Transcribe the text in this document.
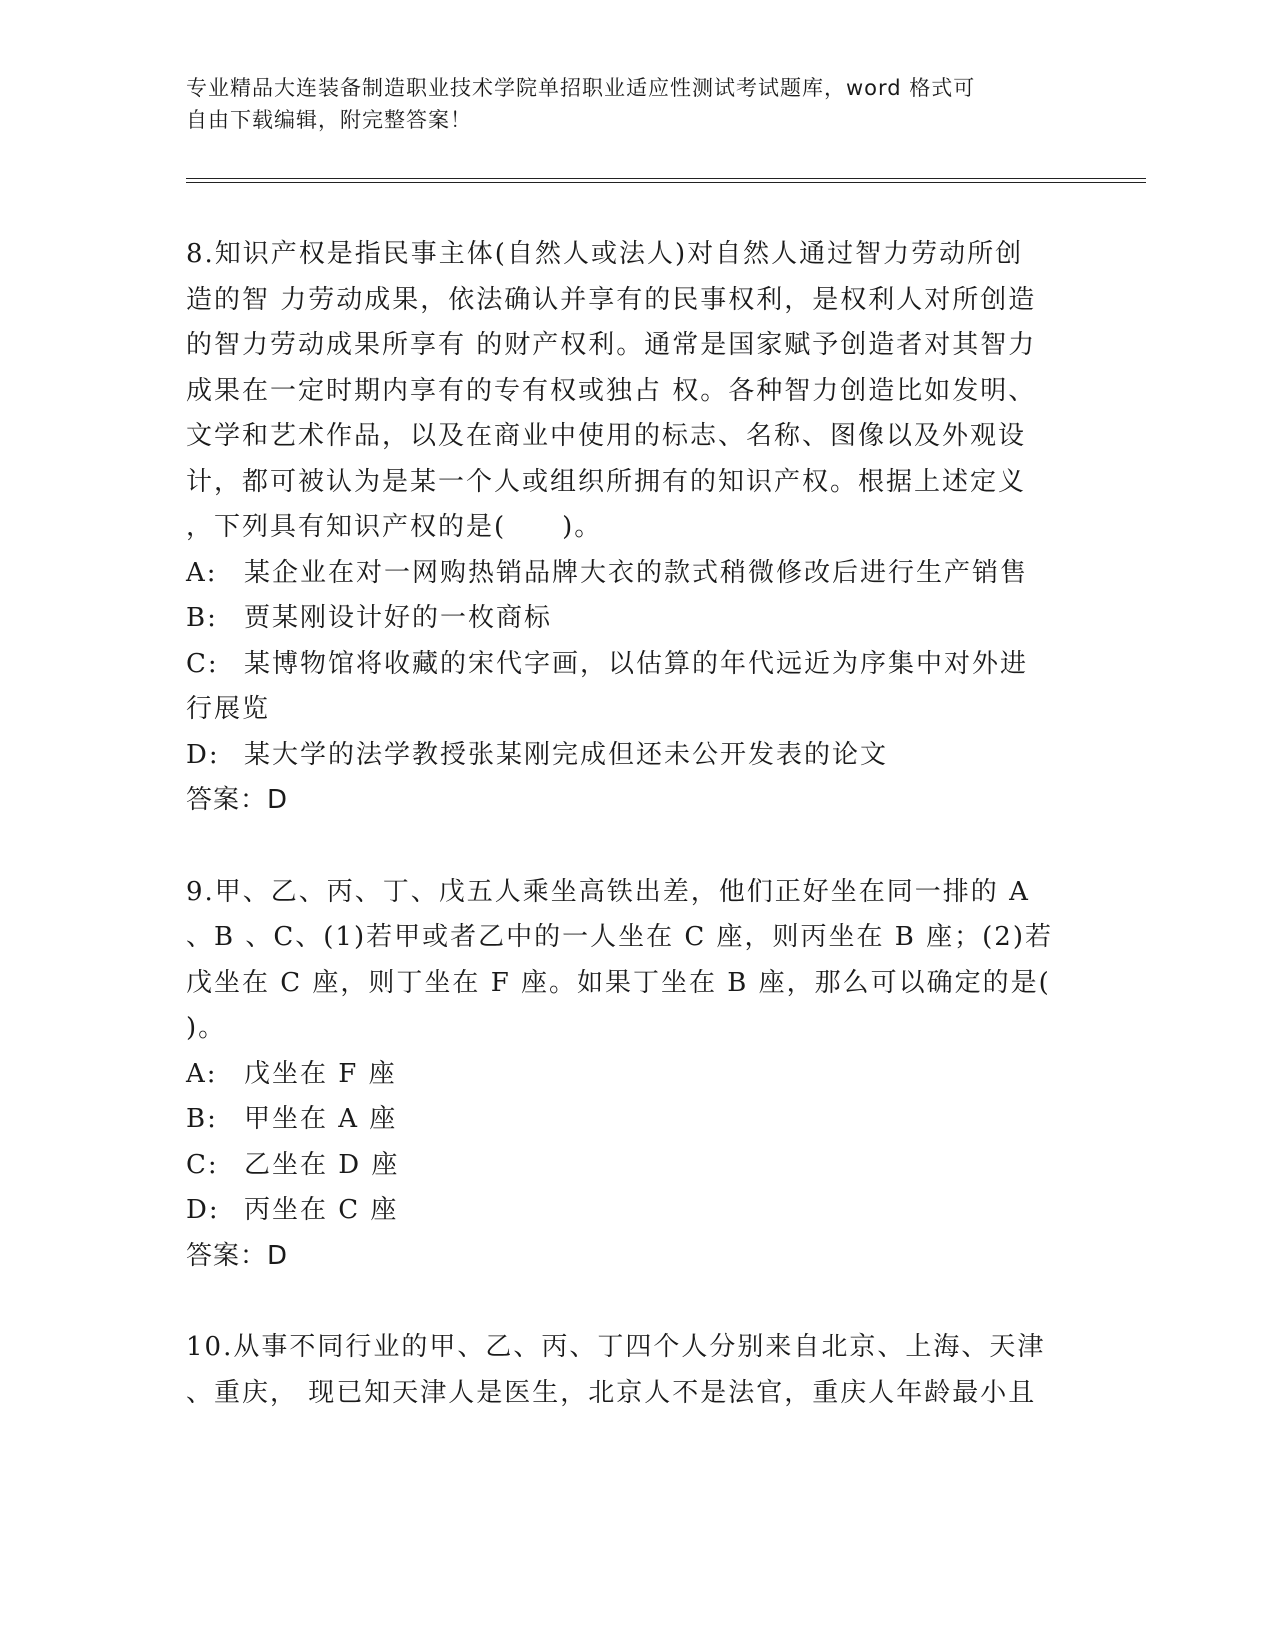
专业精品大连装备制造职业技术学院单招职业适应性测试考试题库，word 格式可
自由下载编辑，附完整答案！
8.知识产权是指民事主体(自然人或法人)对自然人通过智力劳动所创
造的智 力劳动成果，依法确认并享有的民事权利，是权利人对所创造
的智力劳动成果所享有 的财产权利。通常是国家赋予创造者对其智力
成果在一定时期内享有的专有权或独占 权。各种智力创造比如发明、
文学和艺术作品，以及在商业中使用的标志、名称、图像以及外观设
计，都可被认为是某一个人或组织所拥有的知识产权。根据上述定义
，下列具有知识产权的是(　　)。
A: 某企业在对一网购热销品牌大衣的款式稍微修改后进行生产销售
B: 贾某刚设计好的一枚商标
C: 某博物馆将收藏的宋代字画，以估算的年代远近为序集中对外进
行展览
D: 某大学的法学教授张某刚完成但还未公开发表的论文
答案：D
9.甲、乙、丙、丁、戊五人乘坐高铁出差，他们正好坐在同一排的 A
、B 、C、(1)若甲或者乙中的一人坐在 C 座，则丙坐在 B 座；(2)若
戊坐在 C 座，则丁坐在 F 座。如果丁坐在 B 座，那么可以确定的是(
)。
A: 戊坐在 F 座
B: 甲坐在 A 座
C: 乙坐在 D 座
D: 丙坐在 C 座
答案：D
10.从事不同行业的甲、乙、丙、丁四个人分别来自北京、上海、天津
、重庆， 现已知天津人是医生，北京人不是法官，重庆人年龄最小且
